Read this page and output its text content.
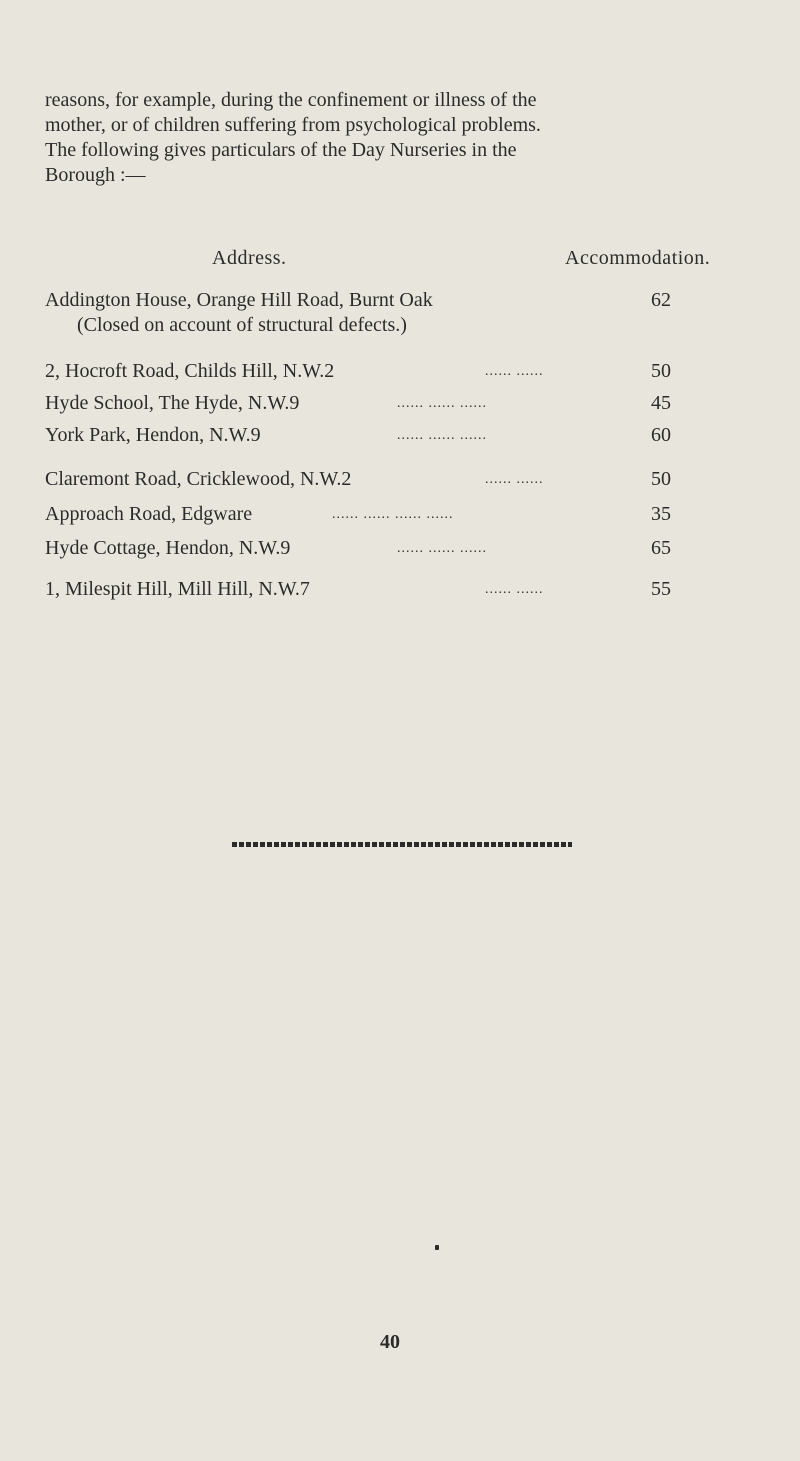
reasons, for example, during the confinement or illness of the
mother, or of children suffering from psychological problems.
The following gives particulars of the Day Nurseries in the
Borough :—

Address.	Accommodation.
Addington House, Orange Hill Road, Burnt Oak	62
(Closed on account of structural defects.)
2, Hocroft Road, Childs Hill, N.W.2	...... ......	50
Hyde School, The Hyde, N.W.9	...... ...... ......	45
York Park, Hendon, N.W.9	...... ...... ......	60
Claremont Road, Cricklewood, N.W.2	...... ......	50
Approach Road, Edgware	...... ...... ...... ......	35
Hyde Cottage, Hendon, N.W.9	...... ...... ......	65
1, Milespit Hill, Mill Hill, N.W.7	...... ......	55
40
